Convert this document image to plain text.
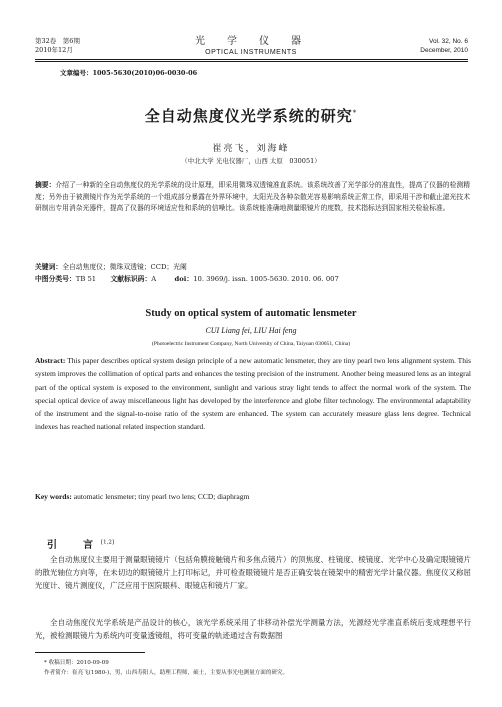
第32卷　第6期
2010年12月
光　学　仪　器
OPTICAL INSTRUMENTS
Vol. 32, No. 6
December, 2010
文章编号：1005-5630(2010)06-0030-06
全自动焦度仪光学系统的研究*
崔亮飞，刘海峰
（中北大学 光电仪器厂，山西 太原　030051）
摘要：介绍了一种新的全自动焦度仪的光学系统的设计原理，即采用微珠双透镜准直系统。该系统改善了光学部分的准直性，提高了仪器的检测精度；另外由于被测镜片作为光学系统的一个组成部分暴露在外界环境中，太阳光及各种杂散光容易影响系统正常工作，即采用干涉和截止滤光技术研制出专用消杂光器件，提高了仪器的环境适应性和系统的信噪比。该系统能准确地测量眼镜片的度数，技术指标达到国家相关检验标准。
关键词：全自动焦度仪；微珠双透镜；CCD；光阑
中图分类号：TB 51 文献标识码：A	doi：10. 3969/j. issn. 1005-5630. 2010. 06. 007
Study on optical system of automatic lensmeter
CUI Liang fei, LIU Hai feng
(Photoelectric Instrument Company, North University of China, Taiyuan 030051, China)
Abstract: This paper describes optical system design principle of a new automatic lensmeter, they are tiny pearl two lens alignment system. This system improves the collimation of optical parts and enhances the testing precision of the instrument. Another being measured lens as an integral part of the optical system is exposed to the environment, sunlight and various stray light tends to affect the normal work of the system. The special optical device of away miscellaneous light has developed by the interference and globe filter technology. The environmental adaptability of the instrument and the signal-to-noise ratio of the system are enhanced. The system can accurately measure glass lens degree. Technical indexes has reached national related inspection standard.
Key words: automatic lensmeter; tiny pearl two lens; CCD; diaphragm
引　言[1,2]
全自动焦度仪主要用于测量眼镜镜片（包括角膜接触镜片和多焦点镜片）的顶焦度、柱镜度、棱镜度、光学中心及确定眼镜镜片的散光轴位方向等，在未切边的眼镜镜片上打印标记，并可检查眼镜镜片是否正确安装在镜架中的精密光学计量仪器。焦度仪又称屈光度计、镜片测度仪，广泛应用于医院眼科、眼镜店和镜片厂家。
全自动焦度仪光学系统是产品设计的核心，该光学系统采用了非移动补偿光学测量方法，光源经光学准直系统后变成理想平行光，被检测眼镜片为系统内可变量透镜组，将可变量的轨迹通过含有数据图
* 收稿日期：2010-09-09
作者简介：崔亮飞(1980-)，男，山西寿阳人，助理工程师，硕士，主要从事光电测量方面的研究。
